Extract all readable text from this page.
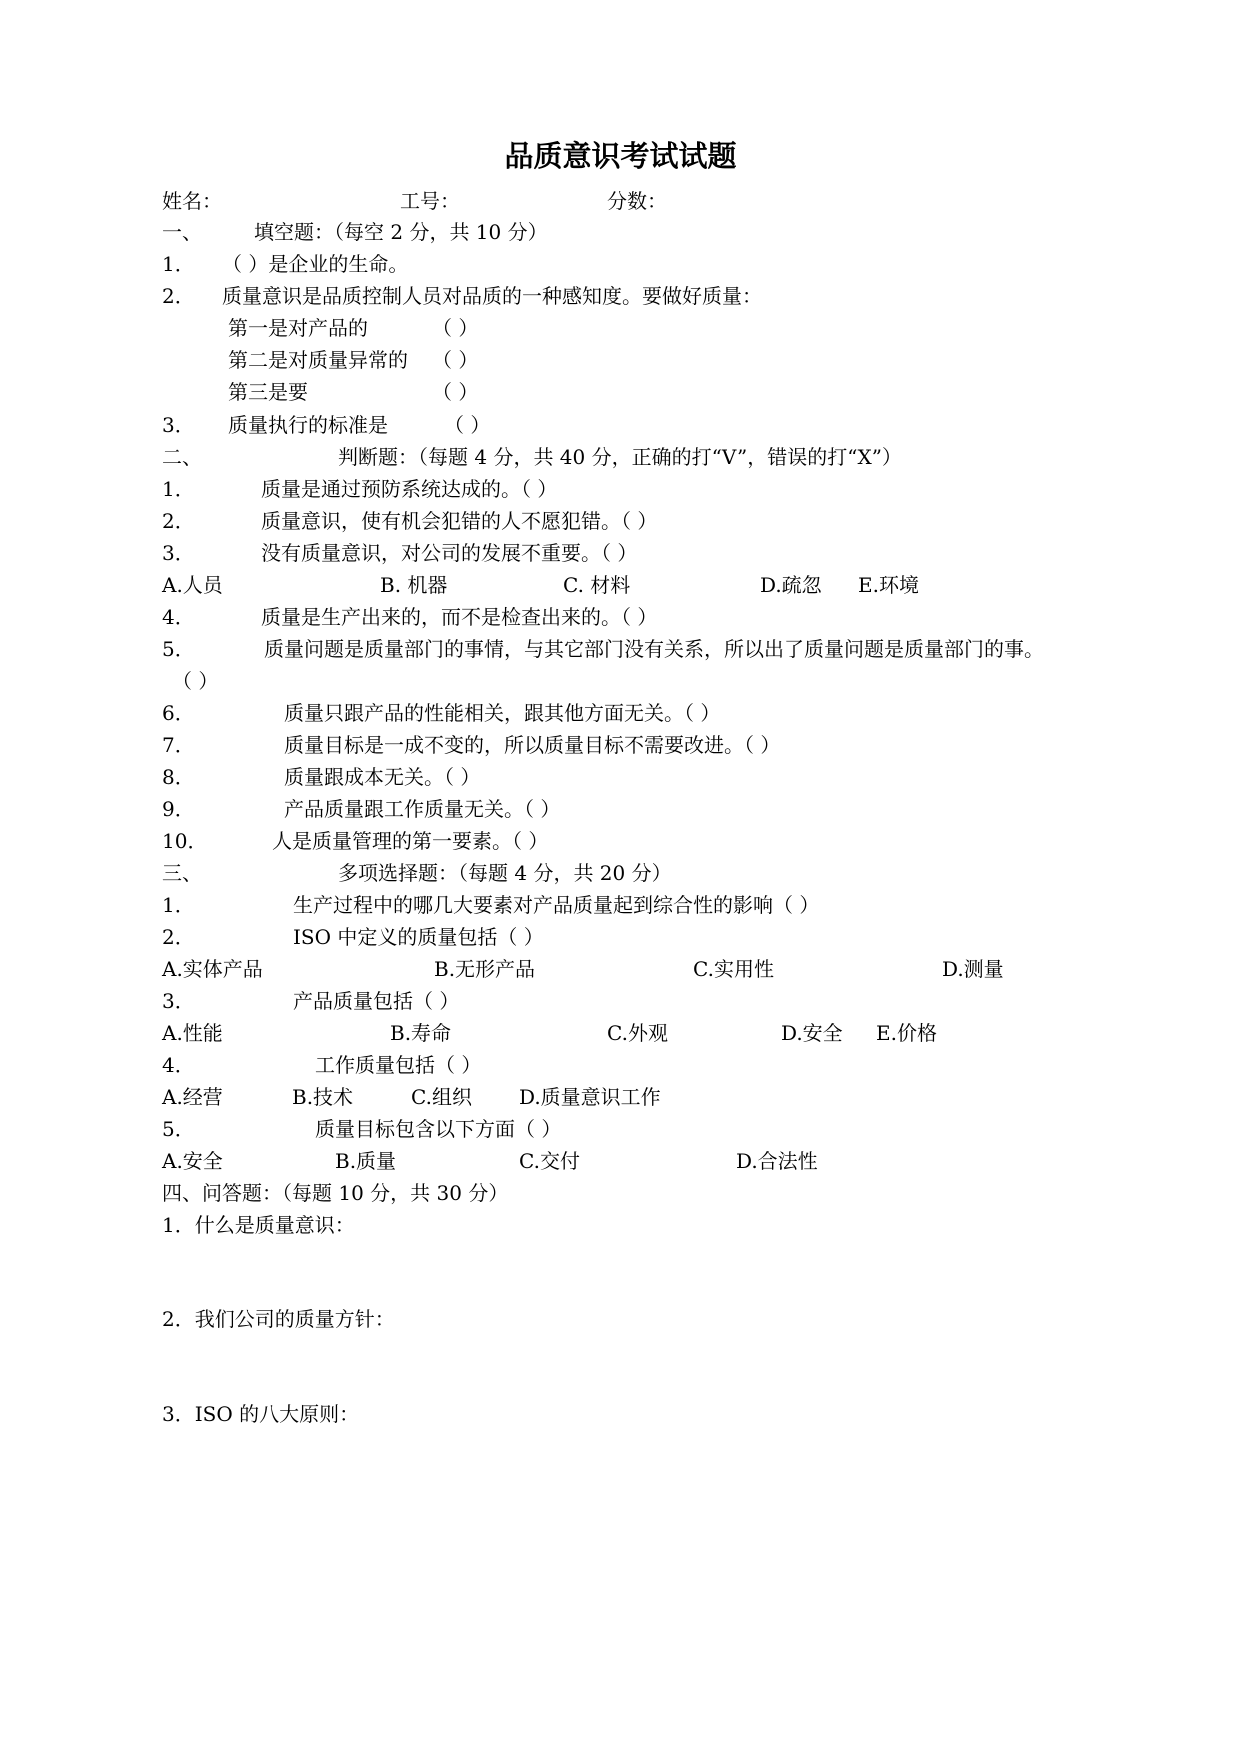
品质意识考试试题
姓名：	工号：	分数：
一、	填空题：（每空 2 分，共 10 分）
1． （ ）是企业的生命。
2． 质量意识是品质控制人员对品质的一种感知度。要做好质量：
第一是对产品的	（ ）
第二是对质量异常的 （ ）
第三是要	（ ）
3． 质量执行的标准是	（ ）
二、	判断题：（每题 4 分，共 40 分，正确的打“V”，错误的打“X”）
1．	质量是通过预防系统达成的。（ ）
2．	质量意识，使有机会犯错的人不愿犯错。（ ）
3．	没有质量意识，对公司的发展不重要。（ ）
A.人员	B. 机器	C. 材料	D.疏忽 E.环境
4．	质量是生产出来的，而不是检查出来的。（ ）
5．	质量问题是质量部门的事情，与其它部门没有关系，所以出了质量问题是质量部门的事。
（ ）
6．	质量只跟产品的性能相关，跟其他方面无关。（ ）
7．	质量目标是一成不变的，所以质量目标不需要改进。（ ）
8．	质量跟成本无关。（ ）
9．	产品质量跟工作质量无关。（ ）
10．	人是质量管理的第一要素。（ ）
三、	多项选择题：（每题 4 分，共 20 分）
1．	生产过程中的哪几大要素对产品质量起到综合性的影响（ ）
2．	ISO 中定义的质量包括（ ）
A.实体产品	B.无形产品	C.实用性	D.测量
3．	产品质量包括（ ）
A.性能	B.寿命	C.外观	D.安全 E.价格
4．	工作质量包括（ ）
A.经营	B.技术	C.组织 D.质量意识工作
5．	质量目标包含以下方面（ ）
A.安全	B.质量	C.交付	D.合法性
四、问答题：（每题 10 分，共 30 分）
1．什么是质量意识：
2．我们公司的质量方针：
3．ISO 的八大原则：
